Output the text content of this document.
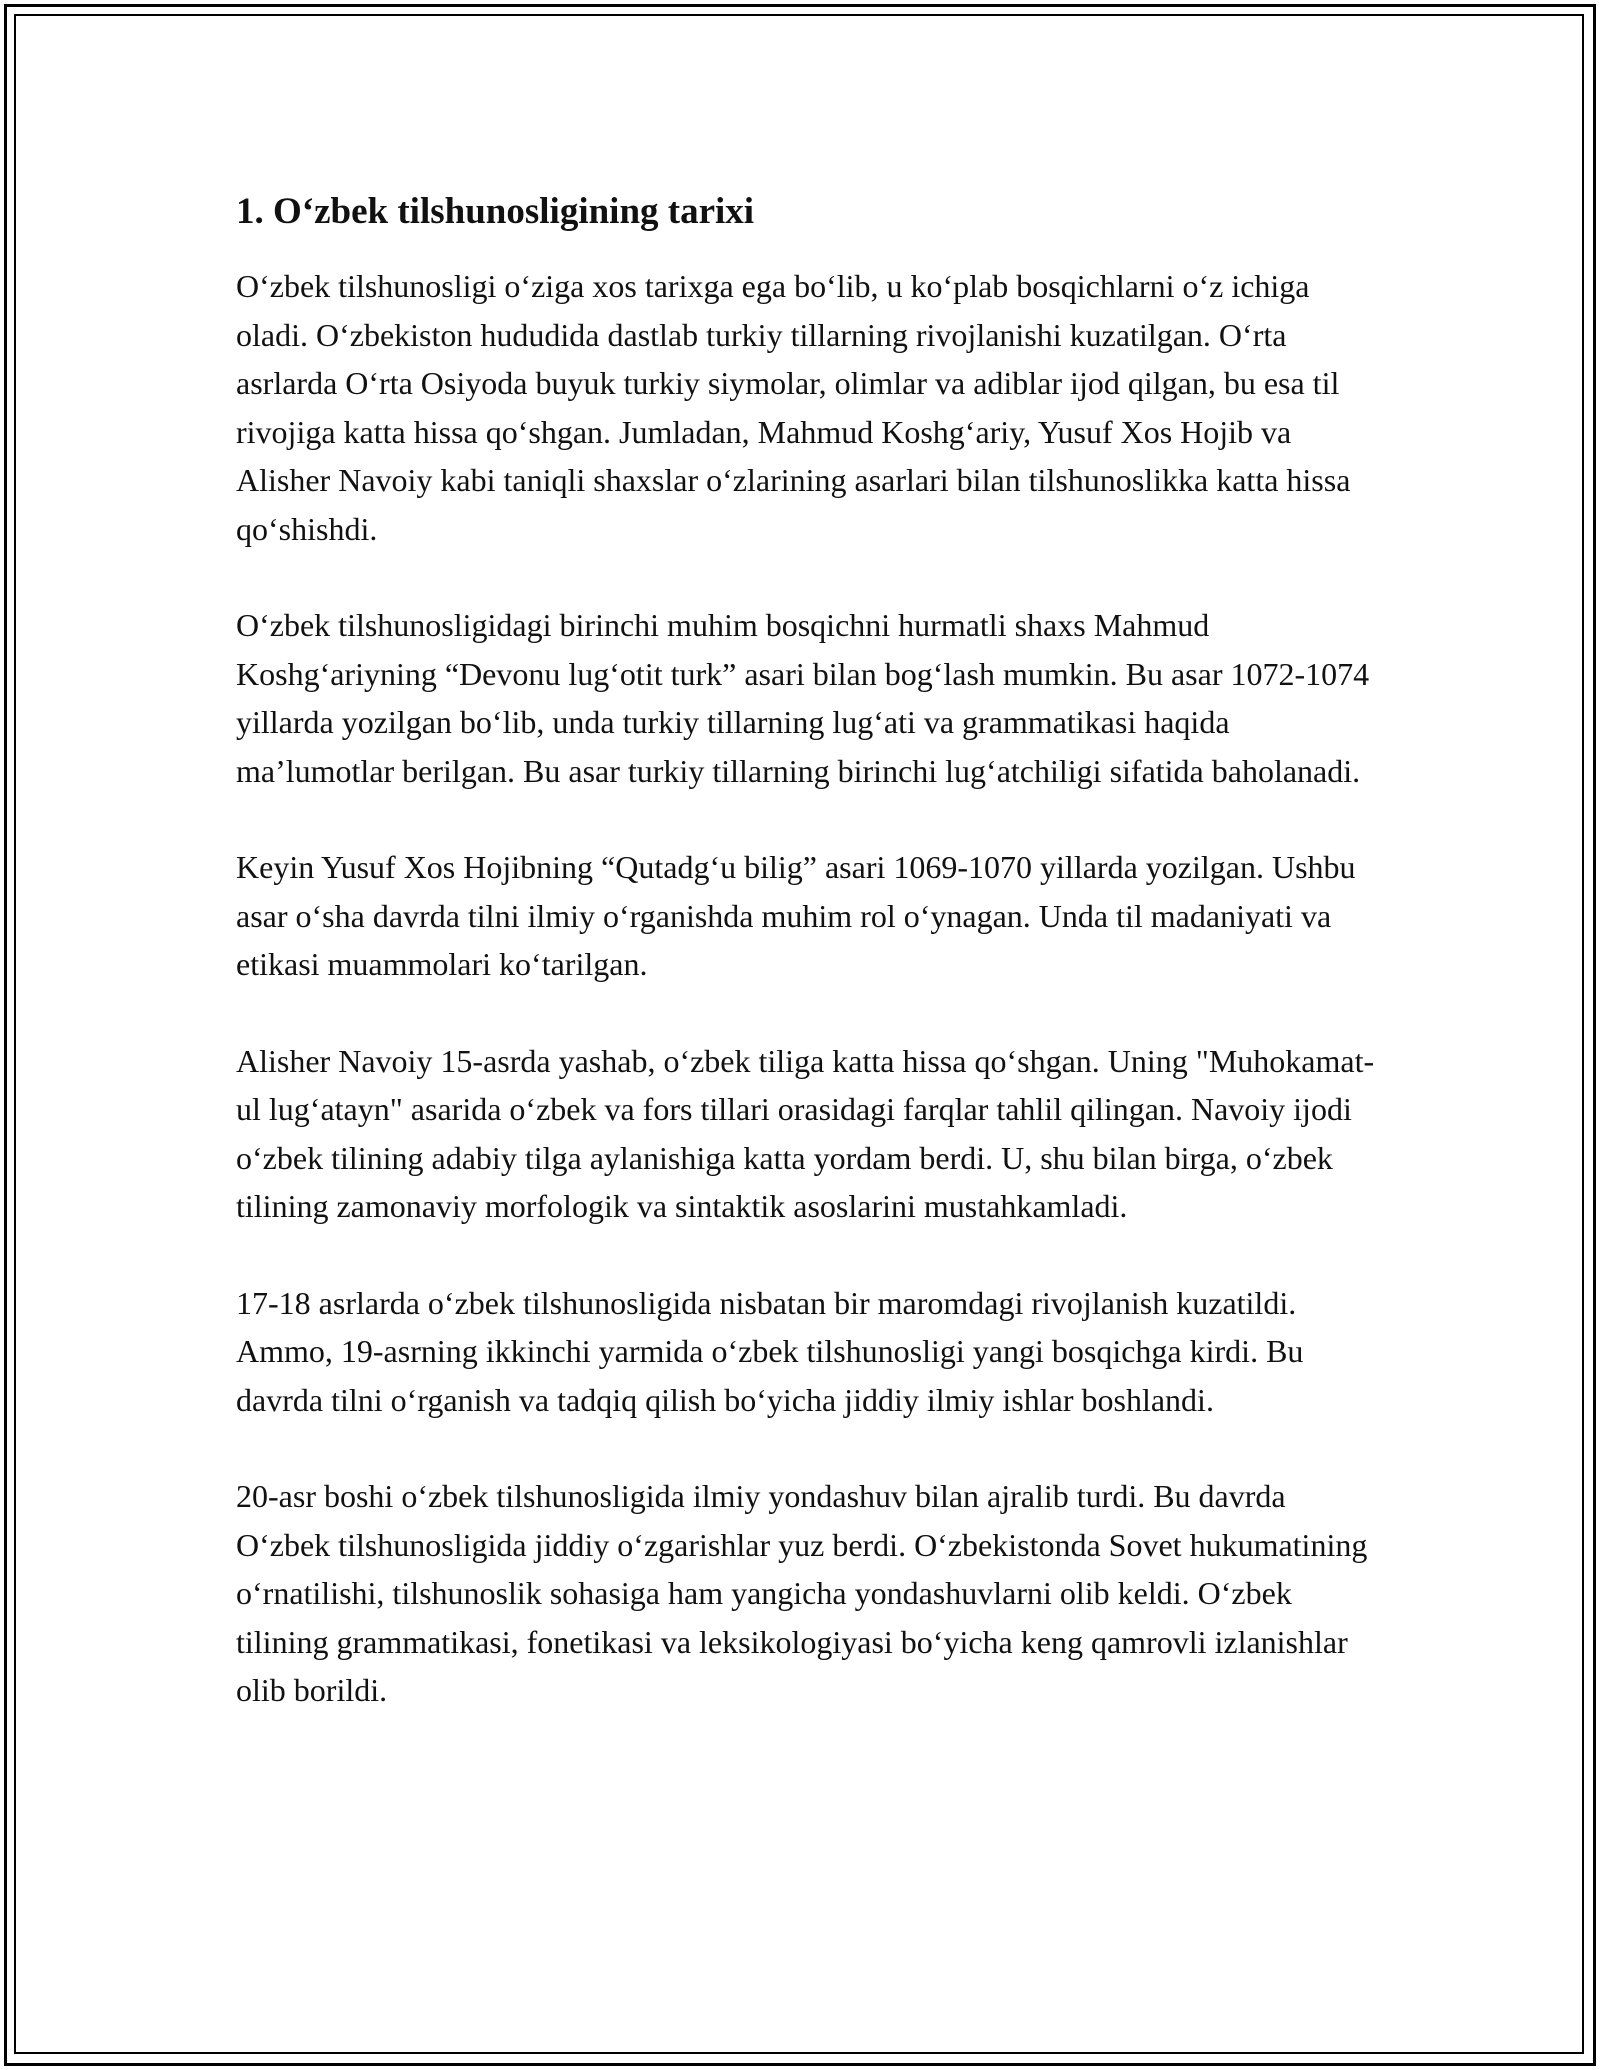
1. O‘zbek tilshunosligining tarixi

O‘zbek tilshunosligi o‘ziga xos tarixga ega bo‘lib, u ko‘plab bosqichlarni o‘z ichiga oladi. O‘zbekiston hududida dastlab turkiy tillarning rivojlanishi kuzatilgan. O‘rta asrlarda O‘rta Osiyoda buyuk turkiy siymolar, olimlar va adiblar ijod qilgan, bu esa til rivojiga katta hissa qo‘shgan. Jumladan, Mahmud Koshg‘ariy, Yusuf Xos Hojib va Alisher Navoiy kabi taniqli shaxslar o‘zlarining asarlari bilan tilshunoslikka katta hissa qo‘shishdi.

O‘zbek tilshunosligidagi birinchi muhim bosqichni hurmatli shaxs Mahmud Koshg‘ariyning “Devonu lug‘otit turk” asari bilan bog‘lash mumkin. Bu asar 1072-1074 yillarda yozilgan bo‘lib, unda turkiy tillarning lug‘ati va grammatikasi haqida ma’lumotlar berilgan. Bu asar turkiy tillarning birinchi lug‘atchiligi sifatida baholanadi.

Keyin Yusuf Xos Hojibning “Qutadg‘u bilig” asari 1069-1070 yillarda yozilgan. Ushbu asar o‘sha davrda tilni ilmiy o‘rganishda muhim rol o‘ynagan. Unda til madaniyati va etikasi muammolari ko‘tarilgan.

Alisher Navoiy 15-asrda yashab, o‘zbek tiliga katta hissa qo‘shgan. Uning "Muhokamat-ul lug‘atayn" asarida o‘zbek va fors tillari orasidagi farqlar tahlil qilingan. Navoiy ijodi o‘zbek tilining adabiy tilga aylanishiga katta yordam berdi. U, shu bilan birga, o‘zbek tilining zamonaviy morfologik va sintaktik asoslarini mustahkamladi.

17-18 asrlarda o‘zbek tilshunosligida nisbatan bir maromdagi rivojlanish kuzatildi. Ammo, 19-asrning ikkinchi yarmida o‘zbek tilshunosligi yangi bosqichga kirdi. Bu davrda tilni o‘rganish va tadqiq qilish bo‘yicha jiddiy ilmiy ishlar boshlandi.

20-asr boshi o‘zbek tilshunosligida ilmiy yondashuv bilan ajralib turdi. Bu davrda O‘zbek tilshunosligida jiddiy o‘zgarishlar yuz berdi. O‘zbekistonda Sovet hukumatining o‘rnatilishi, tilshunoslik sohasiga ham yangicha yondashuvlarni olib keldi. O‘zbek tilining grammatikasi, fonetikasi va leksikologiyasi bo‘yicha keng qamrovli izlanishlar olib borildi.
